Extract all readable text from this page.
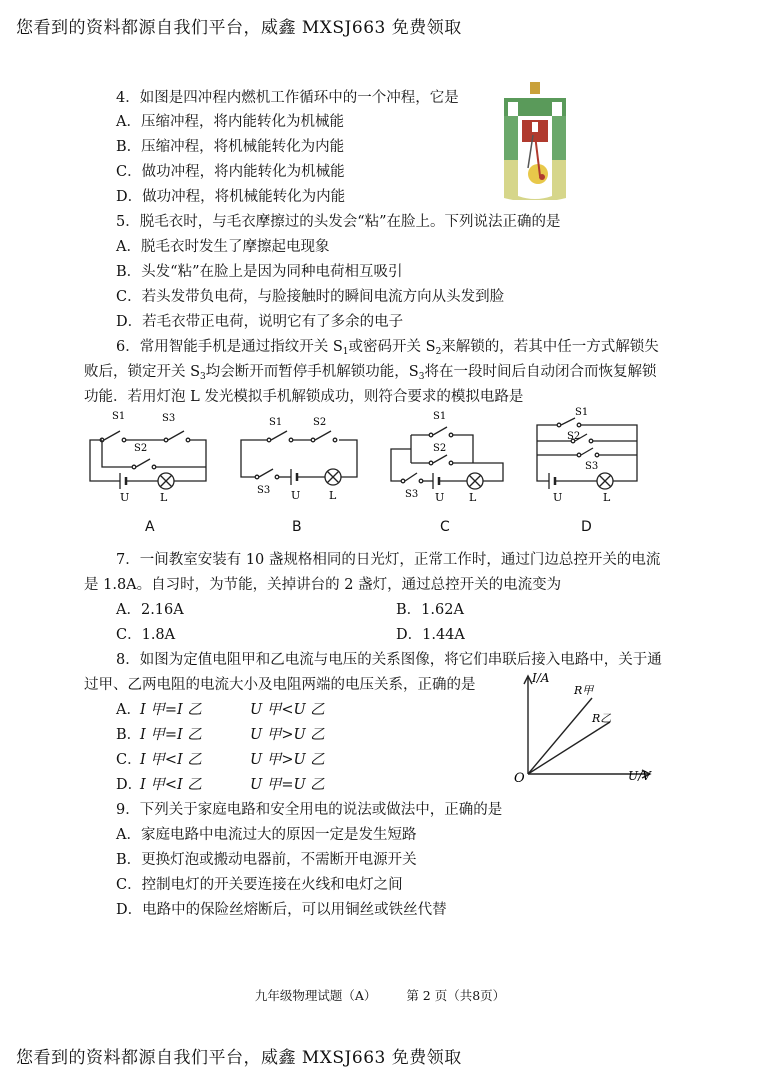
您看到的资料都源自我们平台，威鑫 MXSJ663 免费领取
4．如图是四冲程内燃机工作循环中的一个冲程，它是
A．压缩冲程，将内能转化为机械能
B．压缩冲程，将机械能转化为内能
C．做功冲程，将内能转化为机械能
D．做功冲程，将机械能转化为内能
5．脱毛衣时，与毛衣摩擦过的头发会“粘”在脸上。下列说法正确的是
A．脱毛衣时发生了摩擦起电现象
B．头发“粘”在脸上是因为同种电荷相互吸引
C．若头发带负电荷，与脸接触时的瞬间电流方向从头发到脸
D．若毛衣带正电荷，说明它有了多余的电子
6．常用智能手机是通过指纹开关 $S_1$或密码开关 $S_2$来解锁的，若其中任一方式解锁失
败后，锁定开关 $S_3$均会断开而暂停手机解锁功能，$S_3$将在一段时间后自动闭合而恢复解锁
功能．若用灯泡 L 发光模拟手机解锁成功，则符合要求的模拟电路是
S1	S3
S2
U	L
S1	S2
S3 U	L
S1
S2
S3 U L
S1
S2
S3
U	L
A	B	C	D
7．一间教室安装有 10 盏规格相同的日光灯，正常工作时，通过门边总控开关的电流
是 1.8A。自习时，为节能，关掉讲台的 2 盏灯，通过总控开关的电流变为
A．2.16A	B．1.62A
C．1.8A	D．1.44A
8．如图为定值电阻甲和乙电流与电压的关系图像，将它们串联后接入电路中，关于通
过甲、乙两电阻的电流大小及电阻两端的电压关系，正确的是
A． I 甲=I 乙	U 甲<U 乙
B．
I 甲=I 乙	U 甲>U 乙
C．
I 甲<I 乙	U 甲>U 乙
D．
I 甲<I 乙	U 甲=U 乙
I/A
U/V
O
R甲
R乙
9．下列关于家庭电路和安全用电的说法或做法中，正确的是
A．家庭电路中电流过大的原因一定是发生短路
B．更换灯泡或搬动电器前，不需断开电源开关
C．控制电灯的开关要连接在火线和电灯之间
D．电路中的保险丝熔断后，可以用铜丝或铁丝代替
九年级物理试题（A） 第 2 页（共8页）
您看到的资料都源自我们平台，威鑫 MXSJ663 免费领取
